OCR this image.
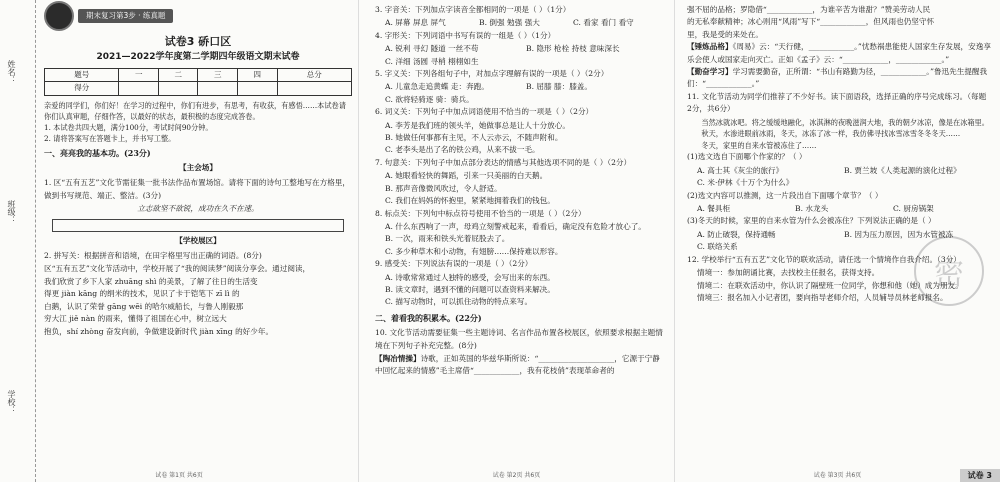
姓名：
班级：
学校：
期末复习第3步 · 练真题
试卷3 硚口区
2021—2022学年度第二学期四年级语文期末试卷
题号	一	二	三	四	总分
得分					

亲爱的同学们，你们好！在学习的过程中，你们有进步，有思考，有收获，有感悟……本试卷请你们认真审题，仔细作答，以最好的状态，最积极的态度完成答卷。

1. 本试卷共四大题，满分100分，考试时间90分钟。

2. 请将答案写在答题卡上，并书写工整。

一、亮亮我的基本功。(23分)
【主会场】

1. 区“五有五艺”文化节需征集一批书法作品布置场馆。请将下面的诗句工整地写在方格里，做到书写规范、端正、整洁。(3分)

立志欲坚不欲锐，成功在久不在速。

【学校展区】

2. 拼写关：根据拼音和语境，在田字格里写出正确的词语。(8分)

区“五有五艺”文化节活动中，学校开展了“我的阅读梦”阅读分享会。通过阅读，

我们欣赏了乡下人家 zhuāng shì 的美景，了解了往日的生活变

得更 jiàn kāng 的绢米的技术，见识了卡于铠笔下 zī lì 的

白鹅，认识了荣誉 gāng wēi 的哈尔威船长，与鲁人刚毅那

穷大江 jiě nàn 的雨来，懂得了祖国在心中，树立远大

抱负，shí zhòng 奋发向前，争做建设新时代 jiàn xīng 的好少年。

试卷 第1页 共6页

3. 字音关：下列加点字读音全都相同的一项是（ ）（1分）

A. 屏幕 屏息 屏气	B. 倒强 勉强 强大	C. 看家 看门 看守

4. 字形关：下列词语中书写有误的一组是（ ）（1分）

A. 锐利 寻幻 隧道 一丝不苟	B. 隐形 枪栓 持枝 意味深长
C. 洋细 汤圆 寻梢 栩栩如生

5. 字义关：下列各组句子中，对加点字理解有误的一项是（ ）（2分）

A. 儿童急走追黄蝶 走：奔跑。	B. 屈膝 膝：膝盖。
C. 欲将轻骑逐 骑：骑兵。

6. 词义关：下列句子中加点词语使用不恰当的一项是（ ）（2分）

A. 李芳是我们班的领头羊，她做事总是让人十分放心。

B. 她做任何事都有主见，不人云亦云，不随声附和。

C. 老李头是出了名的铁公鸡，从来不拔一毛。

7. 句意关：下列句子中加点部分表达的情感与其他选项不同的是（ ）（2分）

A. 她眼看轻快的舞蹈，引来一只美丽的白天鹅。

B. 那声音像微风吹过，令人舒适。

C. 我们在妈妈的怀抱里，紧紧地拥着我们的钱包。

8. 标点关：下列句中标点符号使用不恰当的一项是（ ）（2分）

A. 什么东西响了一声，母鸡立刻警戒起来，看看后，确定没有危险才放心了。

B. 一次，雨来和铁头光着屁股去了。

C. 多少种草木和小动物，有翅膀……保持难以形容。

9. 感受关：下列说法有误的一项是（ ）（2分）

A. 诗歌常常通过人独特的感受，会写出来的东西。

B. 读文章时，遇到不懂的问题可以查资料来解决。

C. 描写动物时，可以抓住动物的特点来写。

二、着看我的积累本。(22分)

10. 文化节活动需要征集一些主题诗词、名言作品布置各校展区，依照要求根据主题情境在下列句子补充完整。(8分)

【陶冶情操】诗歌，正如英国的华兹华斯所说：“____________________，它源于宁静中回忆起来的情感”毛主席借“____________，我有花枝俏”表现革命者的

试卷 第2页 共6页
密

强不屈的品格；罗隐借“____________，为谁辛苦为谁甜？”赞美劳动人民

的无私奉献精神；冰心则用“风雨”写下“____________，但风雨也仍坚守怀

里，我是受的来处在。

【锤炼品格】《周易》云：“天行健，____________。”忧愁祸患能使人国家生存发展，安逸享乐会使人或国家走向灭亡。正如《孟子》云：“____________，____________。”

【勤奋学习】学习需要勤奋，正所谓：“书山有路勤为径，____________。”鲁迅先生提醒我们：“____________。”

11. 文化节活动为同学们推荐了不少好书。读下面语段，选择正确的序号完成练习。（每题2分，共6分）

当然冰就冰吧。将之缓缓地融化，冰淇淋的夜晚滋润大地，我的朝夕冰凉，像是在冰箱里。

秋天，水渗进眼前冰雨，冬天，冰冻了冰一样，我仿佛寻找冰雪冰雪冬冬冬天……

冬天，家里的自来水管被冻住了……

(1)选文选自下面哪个作家的？（ ）

A. 高士其《灰尘的旅行》	B. 贾兰坡《人类起源的演化过程》
C. 米·伊林《十万个为什么》

(2)选文内容可以推测，这一片段出自下面哪个章节？（ ）

A. 餐具柜	B. 水龙头	C. 厨房锅架

(3)冬天的时候，家里的自来水管为什么会被冻住？下列说法正确的是（ ）

A. 防止破裂，保持通畅	B. 因为压力原因，因为水管被冻
C. 联络关系

12. 学校举行“五有五艺”文化节的联欢活动，请任选一个情境作自我介绍。（3分）

情境一：参加朗诵比赛，去找校主任报名，获得支持。

情境二：在联欢活动中，你认识了隔壁班一位同学，你想和他（她）成为朋友。

情境三：报名加入小记者团，要向指导老师介绍，人员辅导员林老师报名。

试卷 第3页 共6页	试卷 3
